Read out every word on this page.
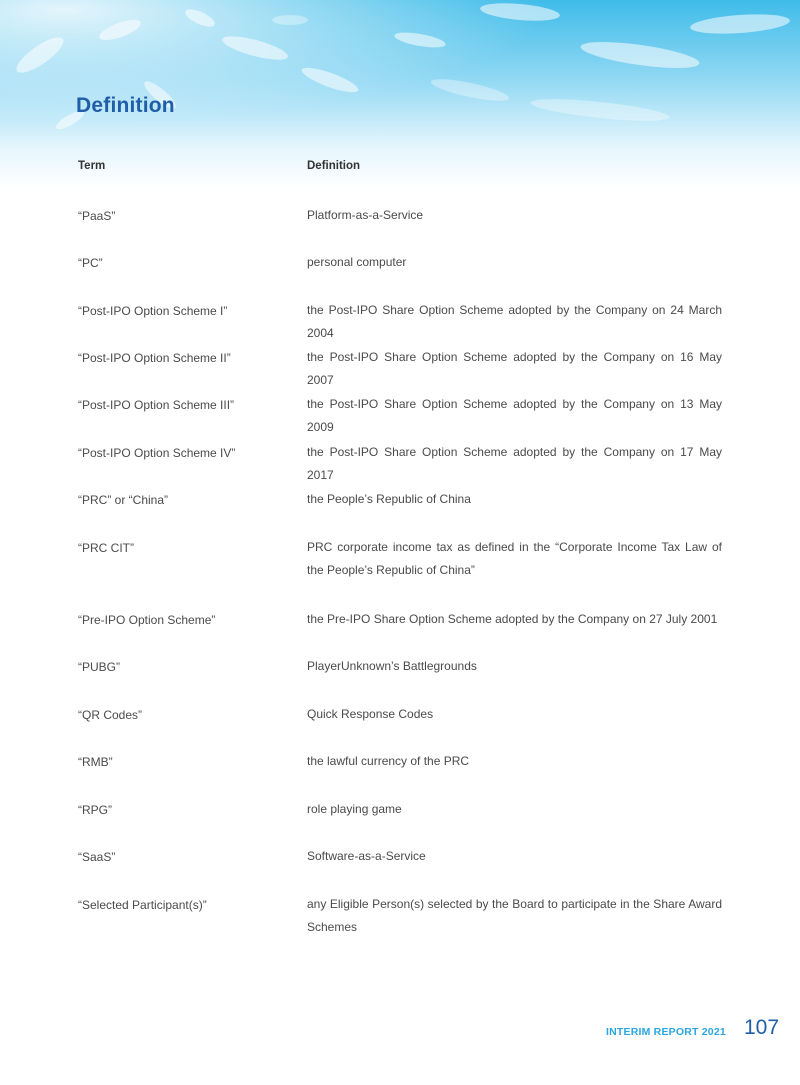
Definition
Term	Definition
“PaaS”	Platform-as-a-Service
“PC”	personal computer
“Post-IPO Option Scheme I”	the Post-IPO Share Option Scheme adopted by the Company on 24 March 2004
“Post-IPO Option Scheme II”	the Post-IPO Share Option Scheme adopted by the Company on 16 May 2007
“Post-IPO Option Scheme III”	the Post-IPO Share Option Scheme adopted by the Company on 13 May 2009
“Post-IPO Option Scheme IV”	the Post-IPO Share Option Scheme adopted by the Company on 17 May 2017
“PRC” or “China”	the People’s Republic of China
“PRC CIT”	PRC corporate income tax as defined in the “Corporate Income Tax Law of the People’s Republic of China”
“Pre-IPO Option Scheme”	the Pre-IPO Share Option Scheme adopted by the Company on 27 July 2001
“PUBG”	PlayerUnknown’s Battlegrounds
“QR Codes”	Quick Response Codes
“RMB”	the lawful currency of the PRC
“RPG”	role playing game
“SaaS”	Software-as-a-Service
“Selected Participant(s)”	any Eligible Person(s) selected by the Board to participate in the Share Award Schemes
INTERIM REPORT 2021 107
